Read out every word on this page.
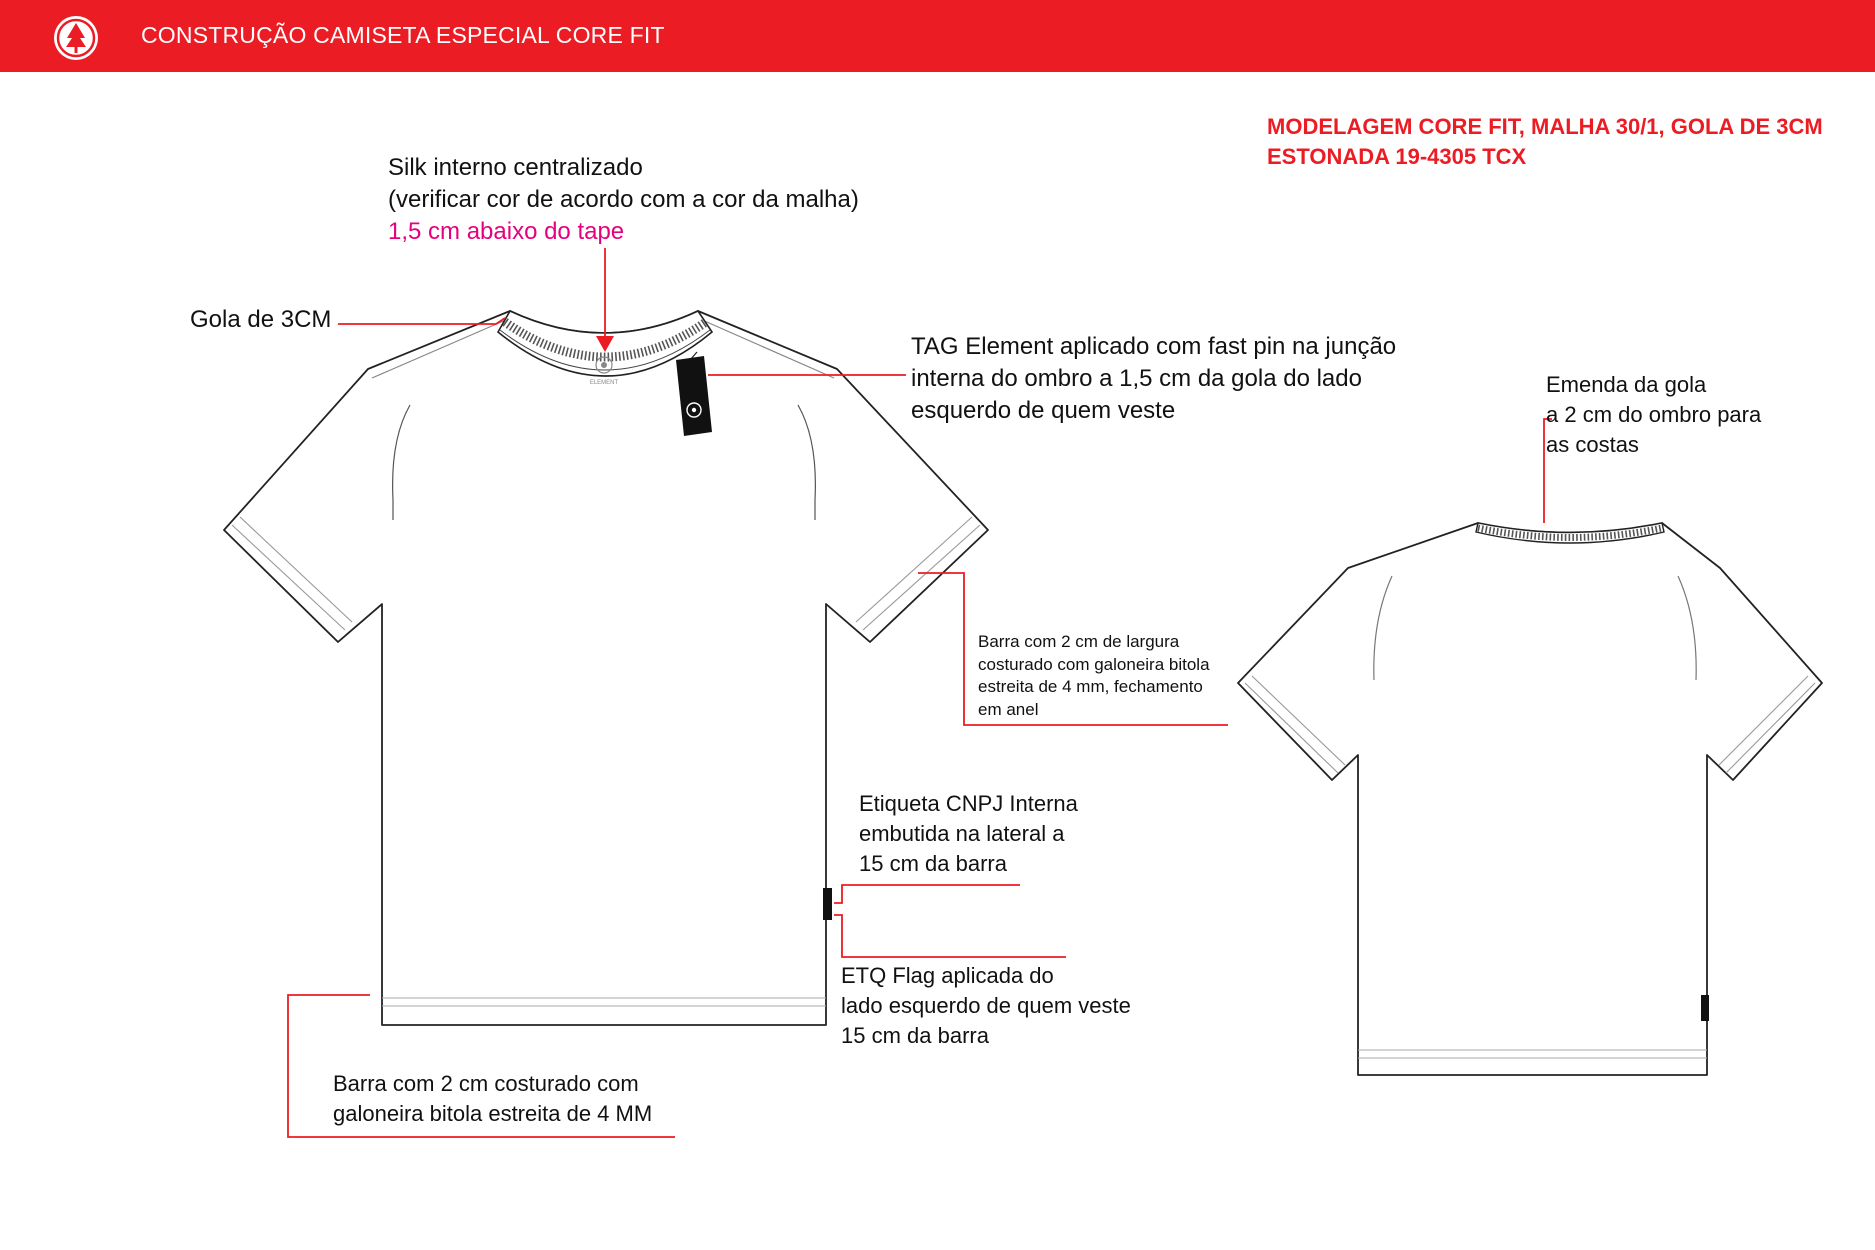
CONSTRUÇÃO CAMISETA ESPECIAL CORE FIT
MODELAGEM CORE FIT, MALHA 30/1, GOLA DE 3CM
ESTONADA 19-4305 TCX
ELEMENT
Silk interno centralizado
(verificar cor de acordo com a cor da malha)
1,5 cm abaixo do tape
Gola de 3CM
TAG Element aplicado com fast pin na junção
interna do ombro a 1,5 cm da gola do lado
esquerdo de quem veste
Emenda da gola
a 2 cm do ombro para
as costas
Barra com 2 cm de largura
costurado com galoneira bitola
estreita de 4 mm, fechamento
em anel
Etiqueta CNPJ Interna
embutida na lateral a
15 cm da barra
ETQ Flag aplicada do
lado esquerdo de quem veste
15 cm da barra
Barra com 2 cm costurado com
galoneira bitola estreita de 4 MM
